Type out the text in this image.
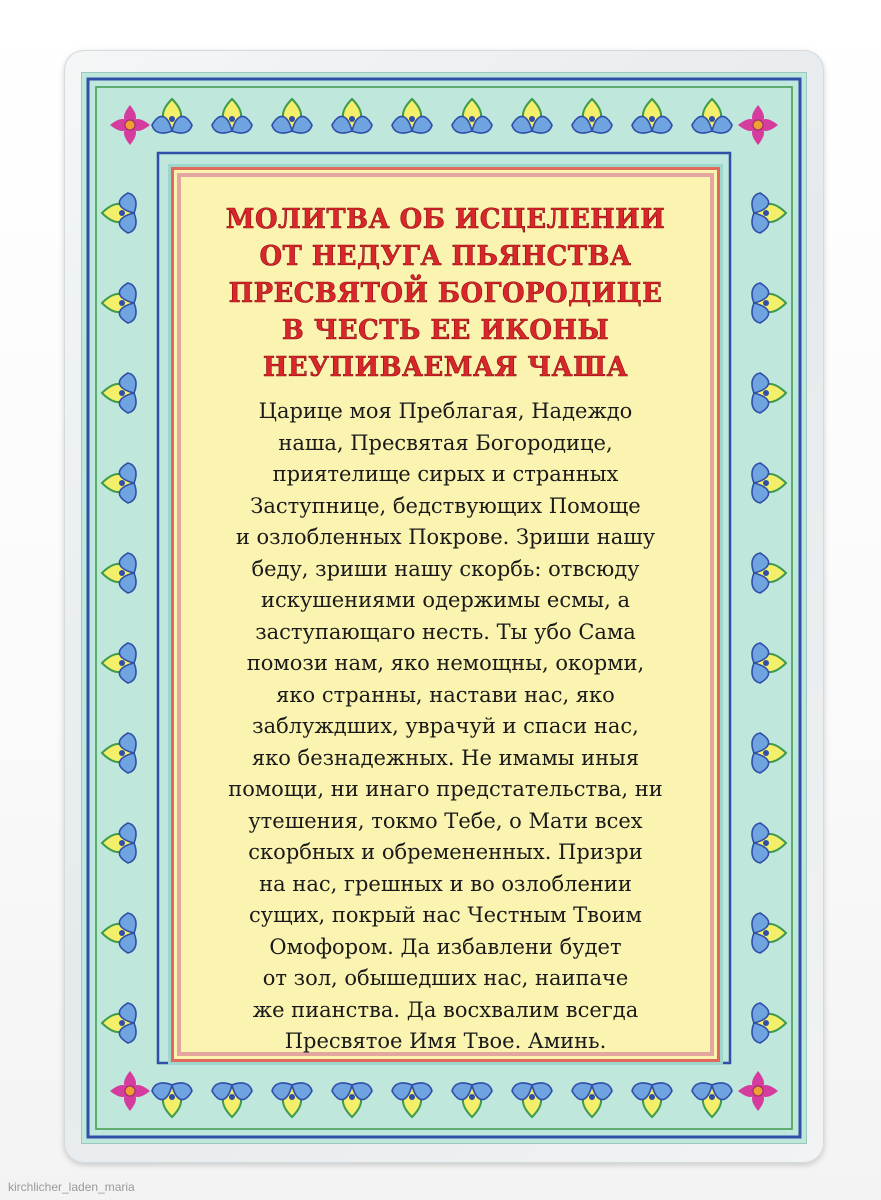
МОЛИТВА ОБ ИСЦЕЛЕНИИ
ОТ НЕДУГА ПЬЯНСТВА
ПРЕСВЯТОЙ БОГОРОДИЦЕ
В ЧЕСТЬ ЕЕ ИКОНЫ
НЕУПИВАЕМАЯ ЧАША
Царице моя Преблагая, Надеждо
наша, Пресвятая Богородице,
приятелище сирых и странных
Заступнице, бедствующих Помоще
и озлобленных Покрове. Зриши нашу
беду, зриши нашу скорбь: отвсюду
искушениями одержимы есмы, а
заступающаго несть. Ты убо Сама
помози нам, яко немощны, окорми,
яко странны, настави нас, яко
заблуждших, уврачуй и спаси нас,
яко безнадежных. Не имамы иныя
помощи, ни инаго предстательства, ни
утешения, токмо Тебе, о Мати всех
скорбных и обремененных. Призри
на нас, грешных и во озлоблении
сущих, покрый нас Честным Твоим
Омофором. Да избавлени будет
от зол, обышедших нас, наипаче
же пианства. Да восхвалим всегда
Пресвятое Имя Твое. Аминь.
kirchlicher_laden_maria
